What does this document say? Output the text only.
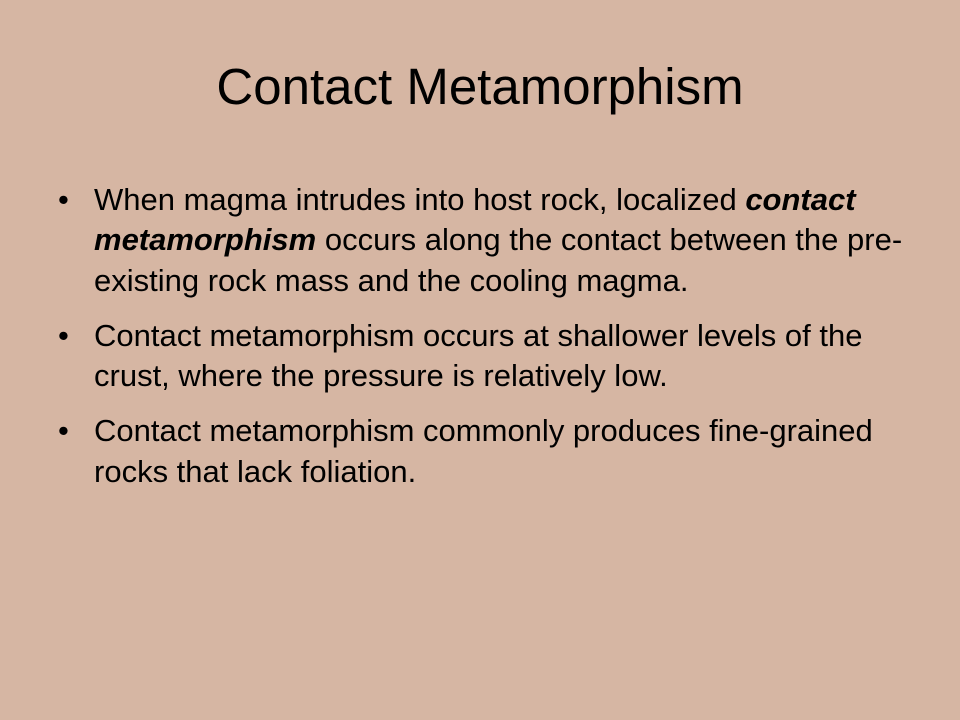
Contact Metamorphism
• When magma intrudes into host rock, localized contact metamorphism occurs along the contact between the pre-existing rock mass and the cooling magma.
• Contact metamorphism occurs at shallower levels of the crust, where the pressure is relatively low.
• Contact metamorphism commonly produces fine-grained rocks that lack foliation.
